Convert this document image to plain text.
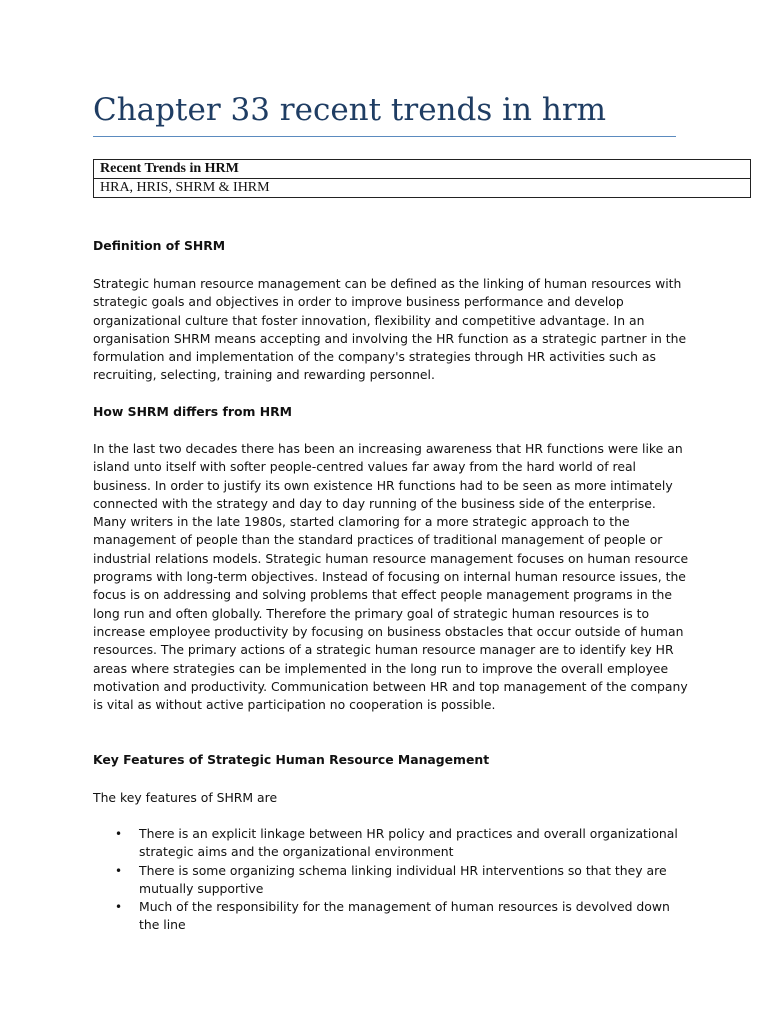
Chapter 33 recent trends in hrm
Recent Trends in HRM
HRA, HRIS, SHRM & IHRM
Definition of SHRM
Strategic human resource management can be defined as the linking of human resources with strategic goals and objectives in order to improve business performance and develop organizational culture that foster innovation, flexibility and competitive advantage. In an organisation SHRM means accepting and involving the HR function as a strategic partner in the formulation and implementation of the company's strategies through HR activities such as recruiting, selecting, training and rewarding personnel.
How SHRM differs from HRM
In the last two decades there has been an increasing awareness that HR functions were like an island unto itself with softer people-centred values far away from the hard world of real business. In order to justify its own existence HR functions had to be seen as more intimately connected with the strategy and day to day running of the business side of the enterprise. Many writers in the late 1980s, started clamoring for a more strategic approach to the management of people than the standard practices of traditional management of people or industrial relations models. Strategic human resource management focuses on human resource programs with long-term objectives. Instead of focusing on internal human resource issues, the focus is on addressing and solving problems that effect people management programs in the long run and often globally. Therefore the primary goal of strategic human resources is to increase employee productivity by focusing on business obstacles that occur outside of human resources. The primary actions of a strategic human resource manager are to identify key HR areas where strategies can be implemented in the long run to improve the overall employee motivation and productivity. Communication between HR and top management of the company is vital as without active participation no cooperation is possible.
Key Features of Strategic Human Resource Management
The key features of SHRM are
• There is an explicit linkage between HR policy and practices and overall organizational strategic aims and the organizational environment
• There is some organizing schema linking individual HR interventions so that they are mutually supportive
• Much of the responsibility for the management of human resources is devolved down the line
